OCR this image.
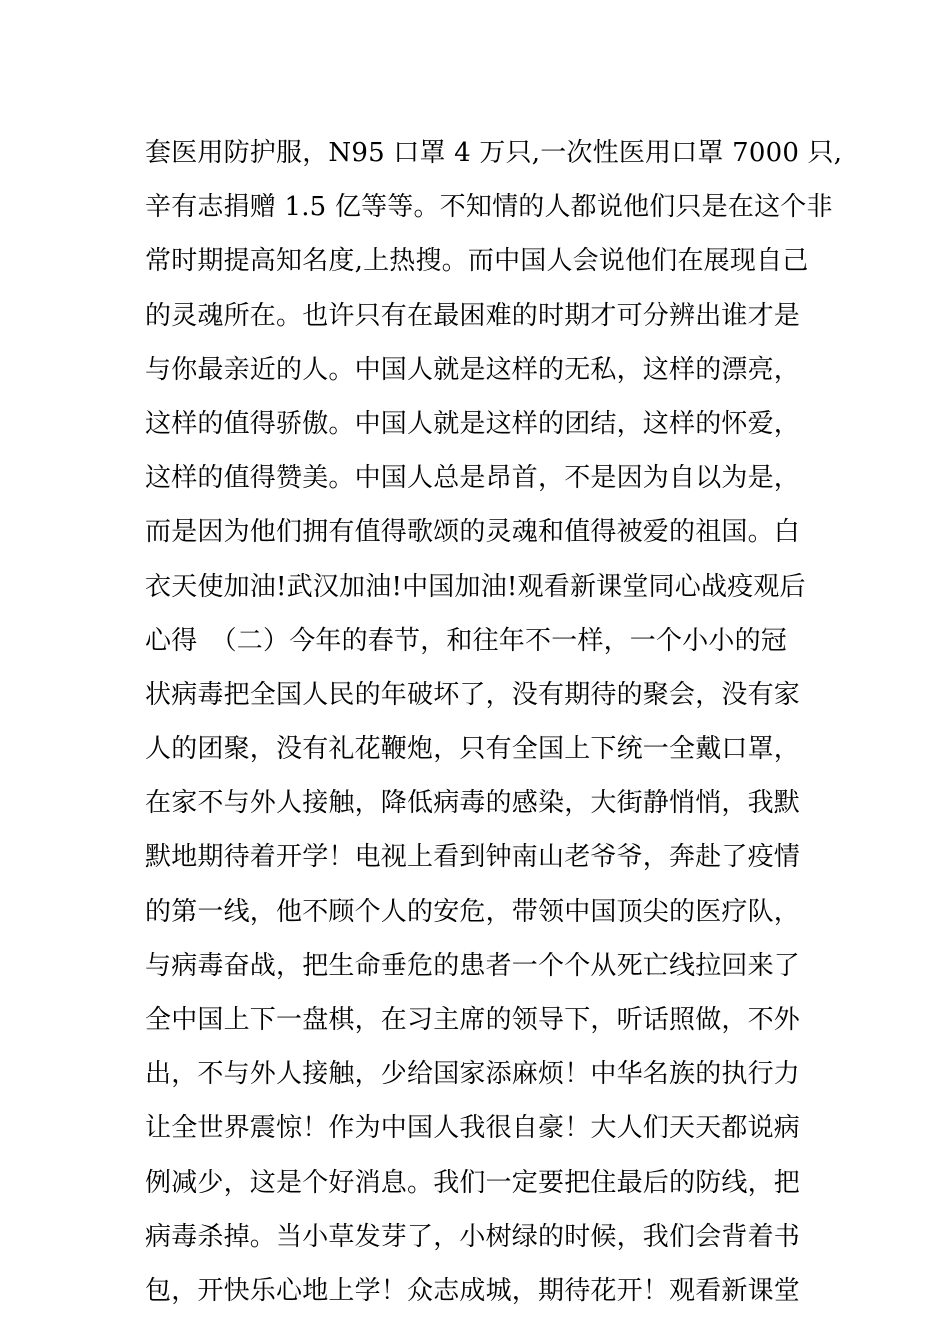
套医用防护服，N95 口罩 4 万只,一次性医用口罩 7000 只,
辛有志捐赠 1.5 亿等等。不知情的人都说他们只是在这个非
常时期提高知名度,上热搜。而中国人会说他们在展现自己
的灵魂所在。也许只有在最困难的时期才可分辨出谁才是
与你最亲近的人。中国人就是这样的无私，这样的漂亮，
这样的值得骄傲。中国人就是这样的团结，这样的怀爱，
这样的值得赞美。中国人总是昂首，不是因为自以为是，
而是因为他们拥有值得歌颂的灵魂和值得被爱的祖国。白
衣天使加油!武汉加油!中国加油!观看新课堂同心战疫观后
心得　（二）今年的春节，和往年不一样，一个小小的冠
状病毒把全国人民的年破坏了，没有期待的聚会，没有家
人的团聚，没有礼花鞭炮，只有全国上下统一全戴口罩，
在家不与外人接触，降低病毒的感染，大街静悄悄，我默
默地期待着开学！电视上看到钟南山老爷爷，奔赴了疫情
的第一线，他不顾个人的安危，带领中国顶尖的医疗队，
与病毒奋战，把生命垂危的患者一个个从死亡线拉回来了
全中国上下一盘棋，在习主席的领导下，听话照做，不外
出，不与外人接触，少给国家添麻烦！中华名族的执行力
让全世界震惊！作为中国人我很自豪！大人们天天都说病
例减少，这是个好消息。我们一定要把住最后的防线，把
病毒杀掉。当小草发芽了，小树绿的时候，我们会背着书
包，开快乐心地上学！众志成城，期待花开！观看新课堂
